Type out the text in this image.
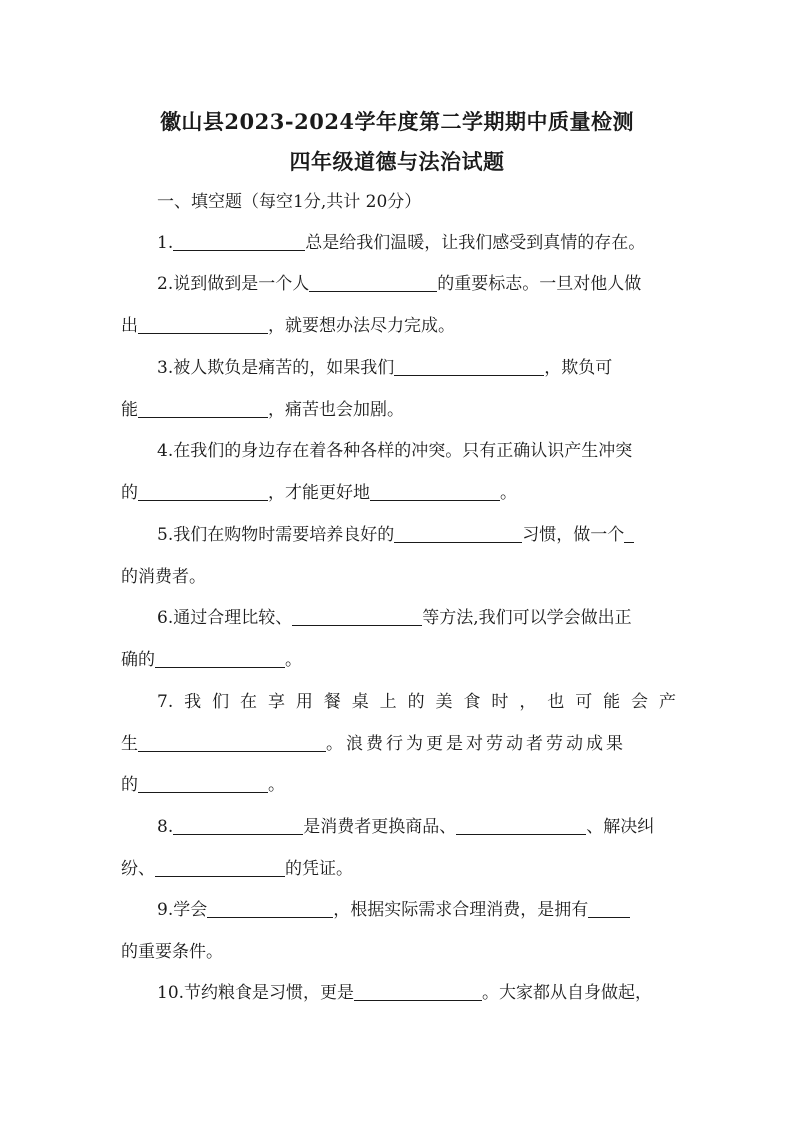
徽山县2023-2024学年度第二学期期中质量检测
四年级道德与法治试题
一、填空题（每空1分,共计 20分）
1.	总是给我们温暖，让我们感受到真情的存在。
2.说到做到是一个人	的重要标志。一旦对他人做
出	，就要想办法尽力完成。
3.被人欺负是痛苦的，如果我们	，欺负可
能	，痛苦也会加剧。
4.在我们的身边存在着各种各样的冲突。只有正确认识产生冲突
的	，才能更好地	。
5.我们在购物时需要培养良好的	习惯，做一个
的消费者。
6.通过合理比较、	等方法,我们可以学会做出正
确的	。
7.我们在享用餐桌上的美食时，也可能会产
生	。浪费行为更是对劳动者劳动成果
的	。
8.	是消费者更换商品、	、解决纠
纷、	的凭证。
9.学会	，根据实际需求合理消费，是拥有
的重要条件。
10.节约粮食是习惯，更是	。大家都从自身做起，
